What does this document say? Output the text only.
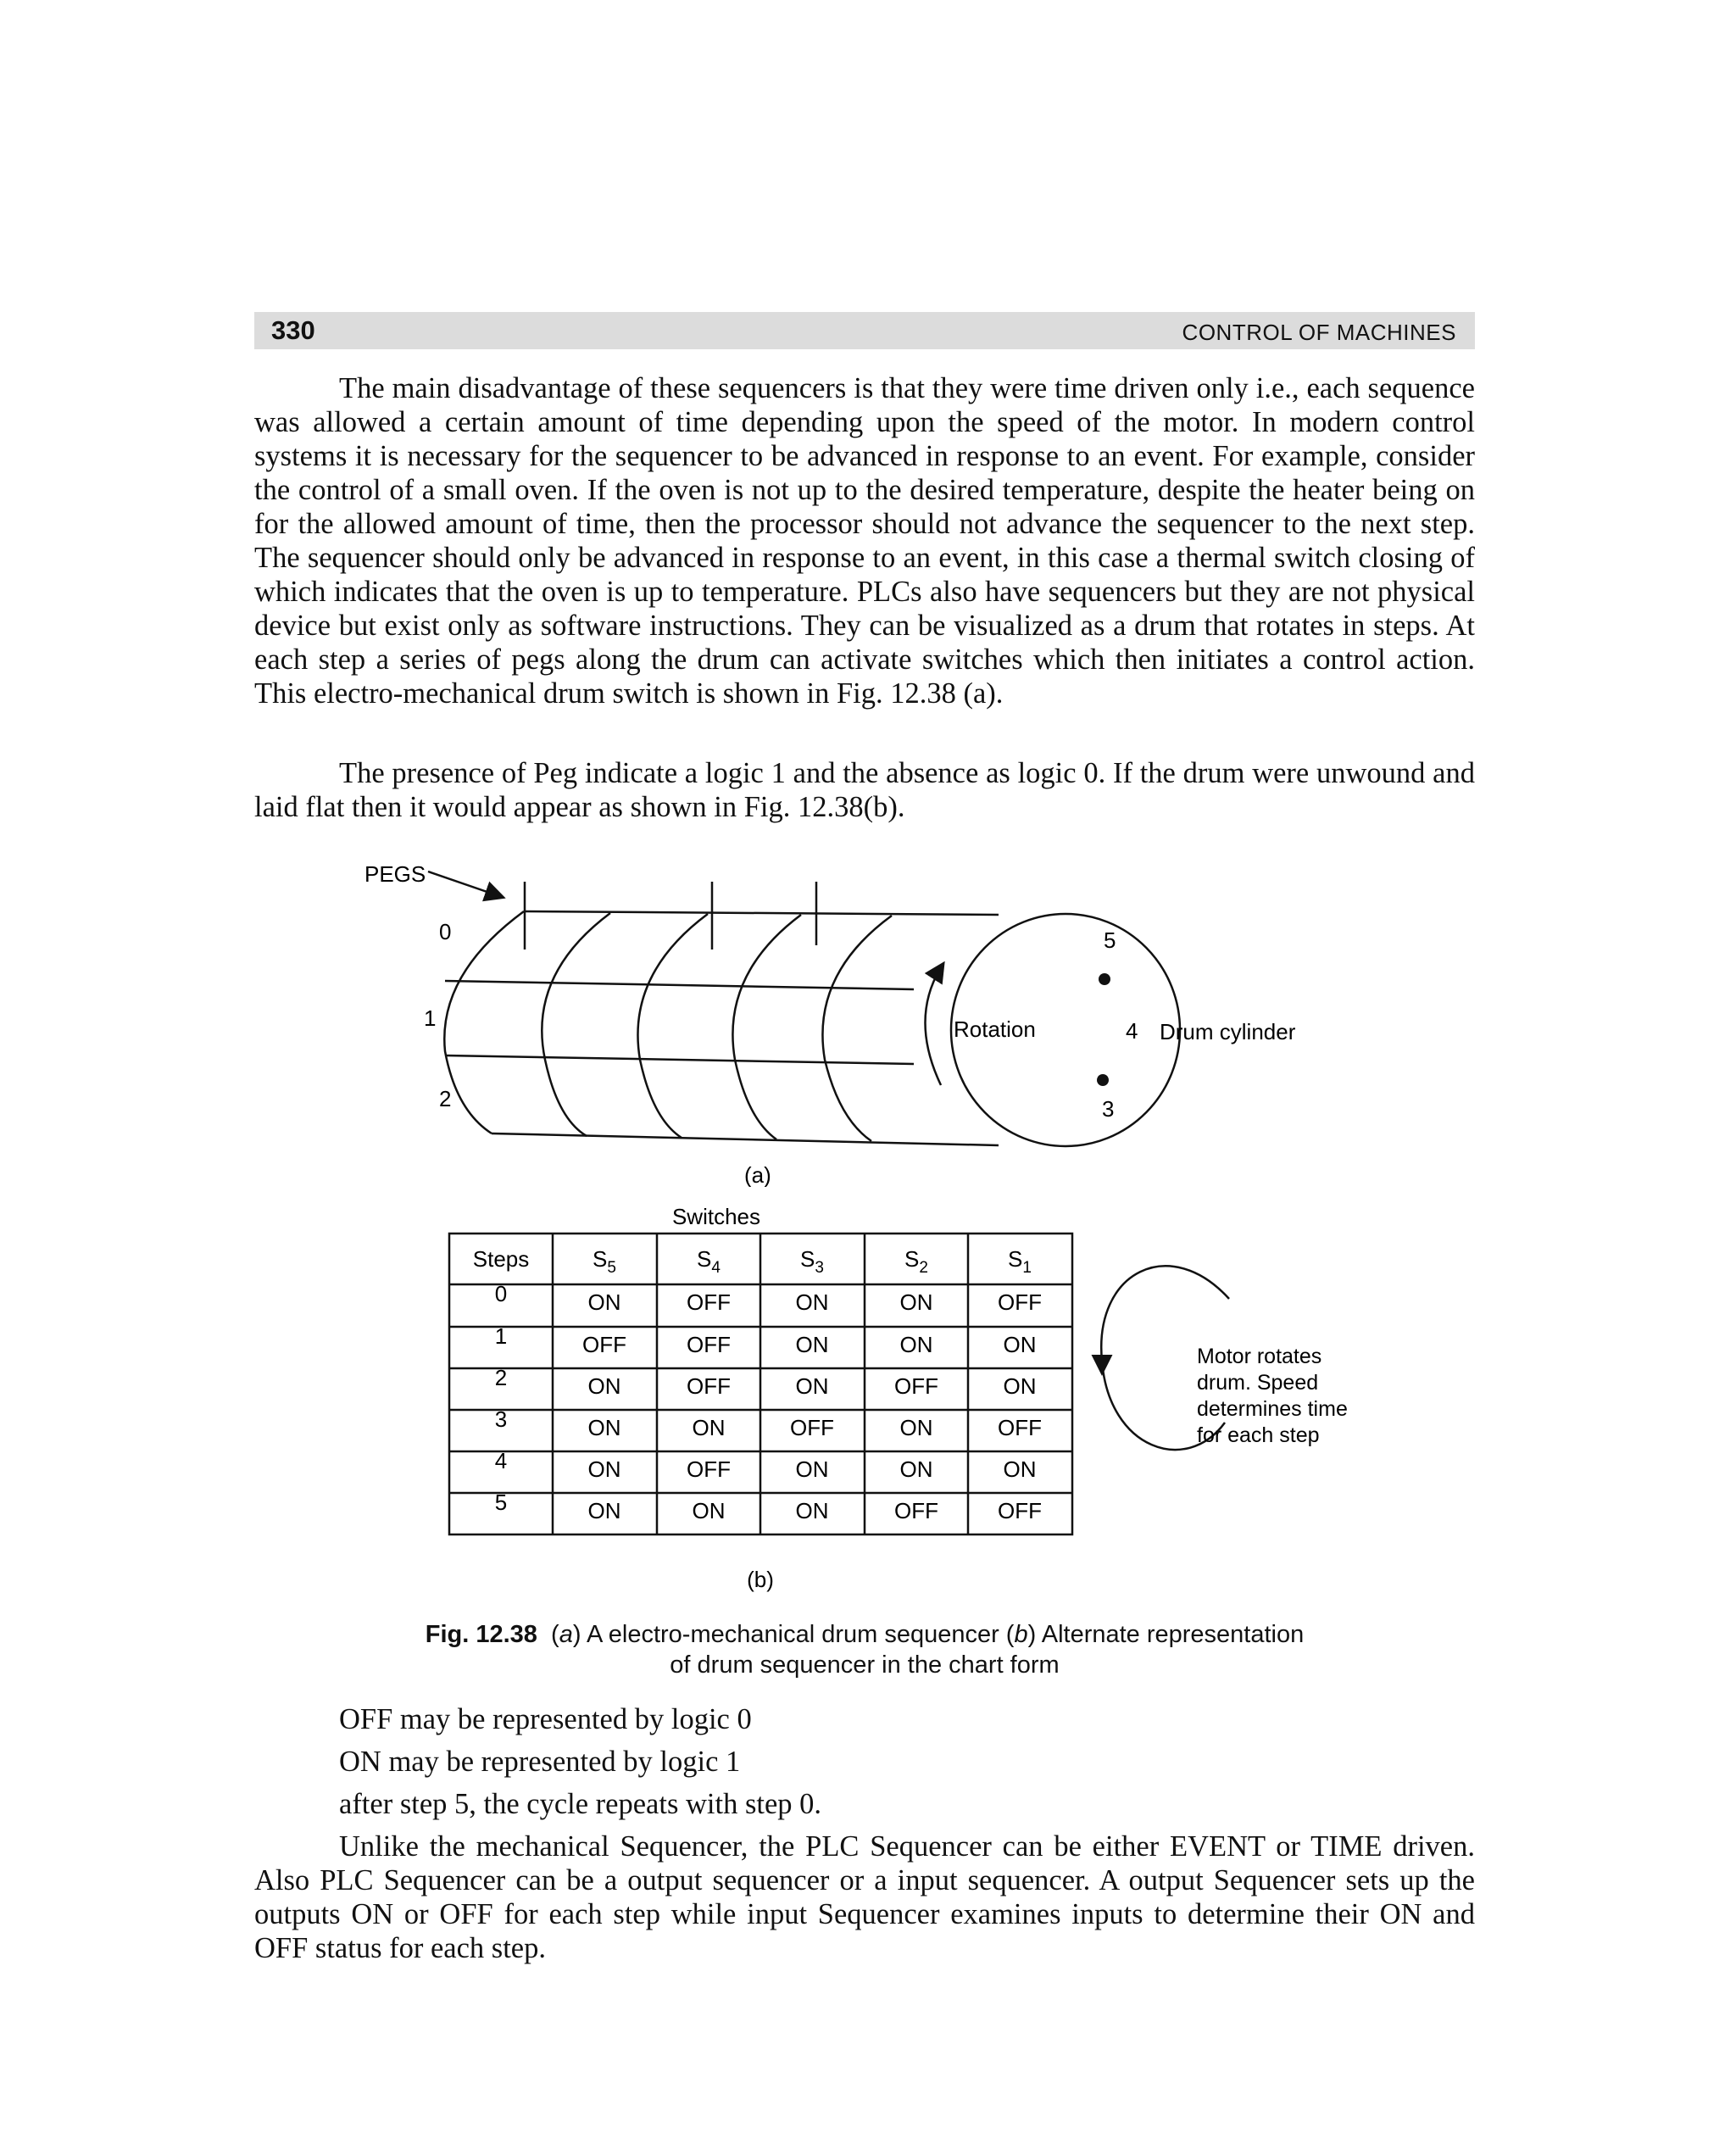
330	CONTROL OF MACHINES

The main disadvantage of these sequencers is that they were time driven only i.e., each sequence was allowed a certain amount of time depending upon the speed of the motor. In modern control systems it is necessary for the sequencer to be advanced in response to an event. For example, consider the control of a small oven. If the oven is not up to the desired temperature, despite the heater being on for the allowed amount of time, then the processor should not advance the sequencer to the next step. The sequencer should only be advanced in response to an event, in this case a thermal switch closing of which indicates that the oven is up to temperature. PLCs also have sequencers but they are not physical device but exist only as software instructions. They can be visualized as a drum that rotates in steps. At each step a series of pegs along the drum can activate switches which then initiates a control action. This electro-mechanical drum switch is shown in Fig. 12.38 (a).

The presence of Peg indicate a logic 1 and the absence as logic 0. If the drum were unwound and laid flat then it would appear as shown in Fig. 12.38(b).

PEGS
0
1
2	3
4
5
Rotation	Drum cylinder
(a)
Switches
Steps	$S_5$	$S_4$	$S_3$	$S_2$	$S_1$
0	ON	OFF	ON	ON	OFF
1	OFF	OFF	ON	ON	ON
2	ON	OFF	ON	OFF	ON
3	ON	ON	OFF	ON	OFF
4	ON	OFF	ON	ON	ON
5	ON	ON	ON	OFF	OFF
Motor rotates drum. Speed determines time for each step
(b)
Fig. 12.38  (a) A electro-mechanical drum sequencer (b) Alternate representation
of drum sequencer in the chart form

OFF may be represented by logic 0

ON may be represented by logic 1

after step 5, the cycle repeats with step 0.

Unlike the mechanical Sequencer, the PLC Sequencer can be either EVENT or TIME driven. Also PLC Sequencer can be a output sequencer or a input sequencer. A output Sequencer sets up the outputs ON or OFF for each step while input Sequencer examines inputs to determine their ON and OFF status for each step.
